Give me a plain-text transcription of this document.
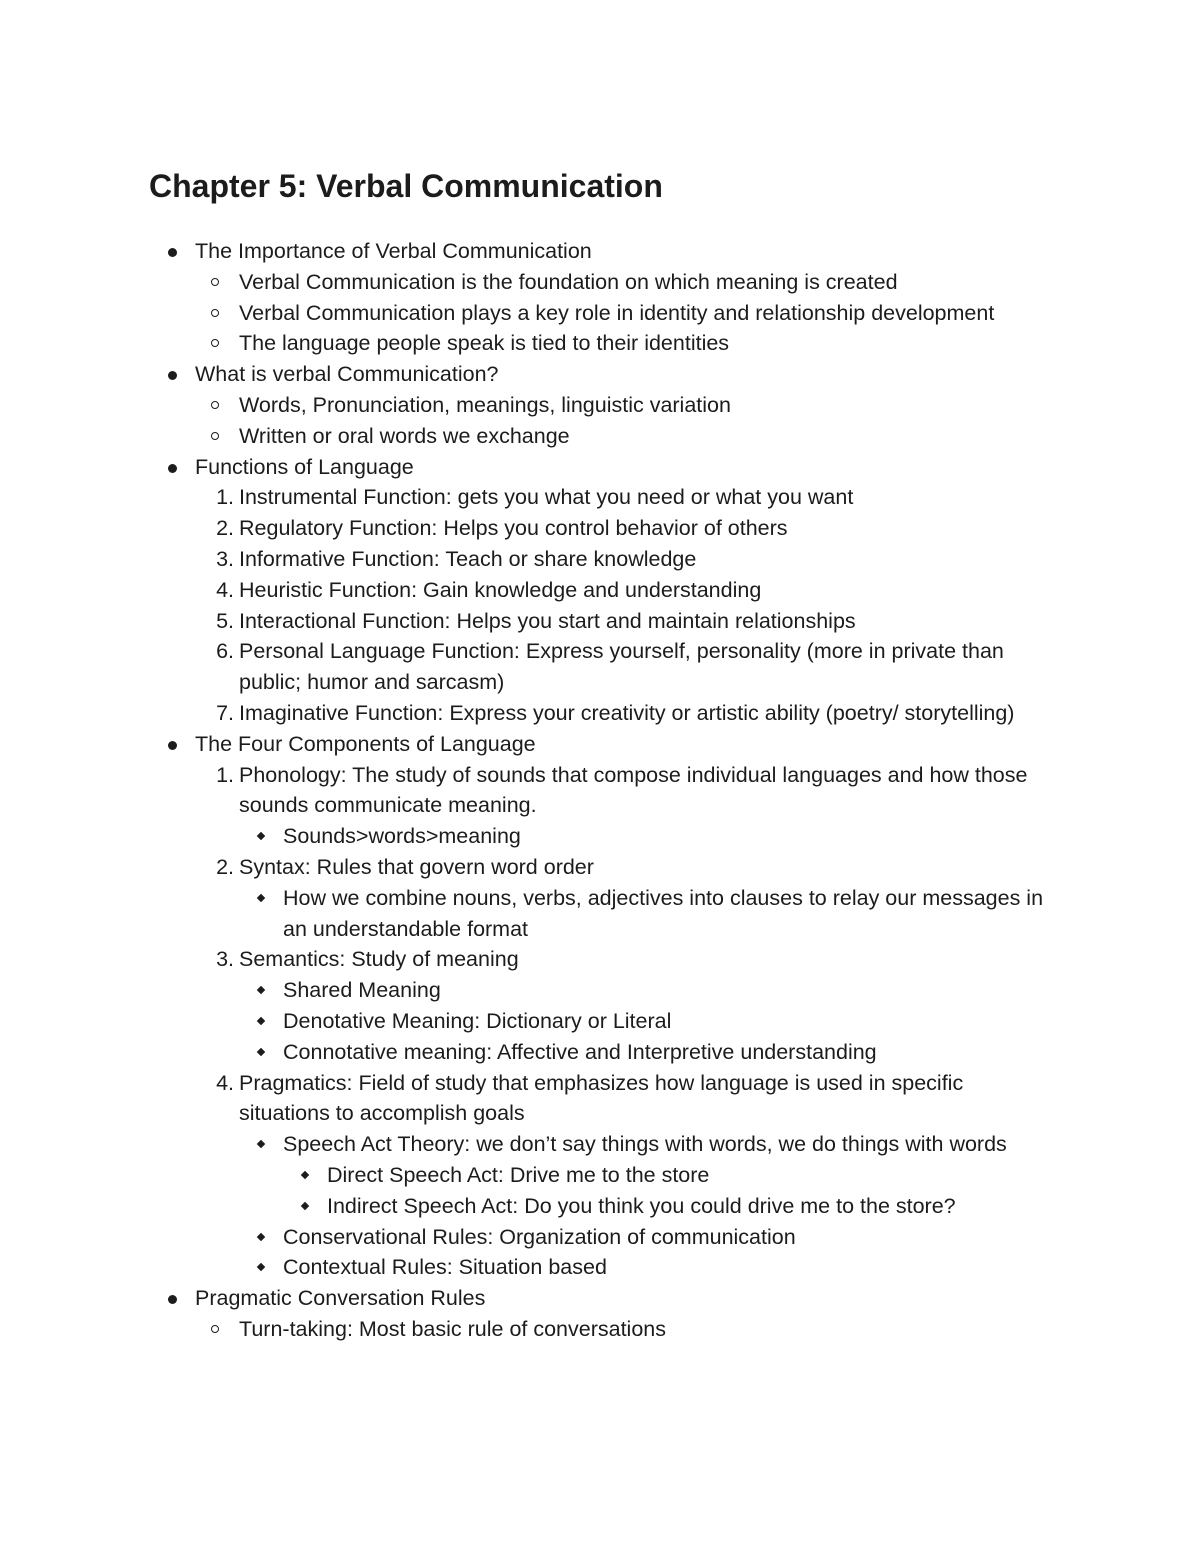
Chapter 5: Verbal Communication
The Importance of Verbal Communication
Verbal Communication is the foundation on which meaning is created
Verbal Communication plays a key role in identity and relationship development
The language people speak is tied to their identities
What is verbal Communication?
Words, Pronunciation, meanings, linguistic variation
Written or oral words we exchange
Functions of Language
1. Instrumental Function: gets you what you need or what you want
2. Regulatory Function: Helps you control behavior of others
3. Informative Function: Teach or share knowledge
4. Heuristic Function: Gain knowledge and understanding
5. Interactional Function: Helps you start and maintain relationships
6. Personal Language Function: Express yourself, personality (more in private than public; humor and sarcasm)
7. Imaginative Function: Express your creativity or artistic ability (poetry/ storytelling)
The Four Components of Language
1. Phonology: The study of sounds that compose individual languages and how those sounds communicate meaning.
Sounds>words>meaning
2. Syntax: Rules that govern word order
How we combine nouns, verbs, adjectives into clauses to relay our messages in an understandable format
3. Semantics: Study of meaning
Shared Meaning
Denotative Meaning: Dictionary or Literal
Connotative meaning: Affective and Interpretive understanding
4. Pragmatics: Field of study that emphasizes how language is used in specific situations to accomplish goals
Speech Act Theory: we don’t say things with words, we do things with words
Direct Speech Act: Drive me to the store
Indirect Speech Act: Do you think you could drive me to the store?
Conservational Rules: Organization of communication
Contextual Rules: Situation based
Pragmatic Conversation Rules
Turn-taking: Most basic rule of conversations
